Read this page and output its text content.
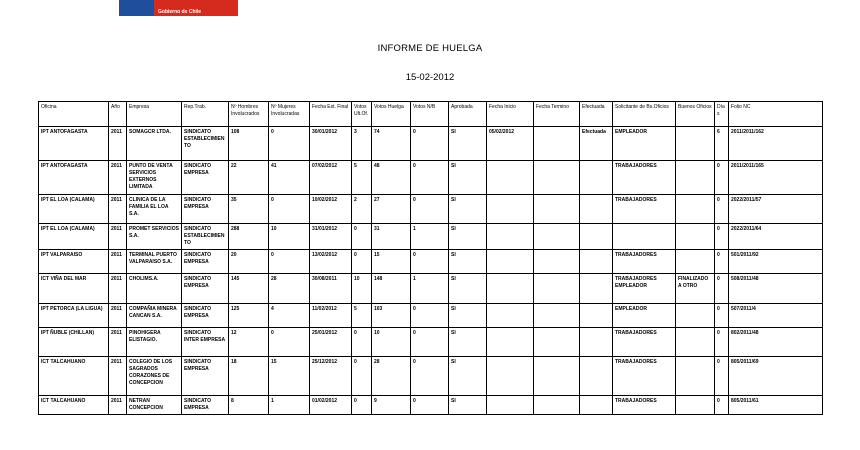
Gobierno de Chile
INFORME DE HUELGA
15-02-2012
Oficina	Año	Empresa	Rep.Trab.	Nº Hombres Involucrados	Nº Mujeres Involucradas	Fecha Est. Final	Votos Ult.Of.	Votos Huelga	Votos N/B	Aprobada	Fecha Inicio	Fecha Termino	Efectuada	Solicitante de Bs.Oficios	Buenos Oficios	Días	Folio NC
IPT ANTOFAGASTA	2011	SOMAGCR LTDA.	SINDICATO ESTABLECIMIENTO	108	0	30/01/2012	3	74	0	SI	05/02/2012		Efectuada	EMPLEADOR		6	2011/2011/162
IPT ANTOFAGASTA	2011	PUNTO DE VENTA SERVICIOS EXTERNOS LIMITADA	SINDICATO EMPRESA	22	41	07/02/2012	5	48	0	SI				TRABAJADORES		0	2011/2011/165
IPT EL LOA (CALAMA)	2011	CLINICA DE LA FAMILIA EL LOA S.A.	SINDICATO EMPRESA	35	0	10/02/2012	2	27	0	SI				TRABAJADORES		0	2022/2011/57
IPT EL LOA (CALAMA)	2011	PROMET SERVICIOS S.A.	SINDICATO ESTABLECIMIENTO	288	10	31/01/2012	0	31	1	SI						0	2022/2011/64
IPT VALPARAISO	2011	TERMINAL PUERTO VALPARAISO S.A.	SINDICATO EMPRESA	20	0	13/02/2012	0	15	0	SI				TRABAJADORES		0	501/2011/92
ICT VIÑA DEL MAR	2011	CHOLIMS.A.	SINDICATO EMPRESA	145	28	30/08/2011	10	148	1	SI				TRABAJADORES EMPLEADOR	FINALIZADO A OTRO	0	508/2011/48
IPT PETORCA (LA LIGUA)	2011	COMPAÑIA MINERA CANCAN S.A.	SINDICATO EMPRESA	125	4	11/02/2012	5	103	0	SI				EMPLEADOR		0	507/2011/4
IPT ÑUBLE (CHILLAN)	2011	PINOHIGERA ELISTAGIO.	SINDICATO INTER EMPRESA	12	0	25/01/2012	0	10	0	SI				TRABAJADORES		0	802/2011/48
ICT TALCAHUANO	2011	COLEGIO DE LOS SAGRADOS CORAZONES DE CONCEPCION	SINDICATO EMPRESA	18	15	25/12/2012	0	28	0	SI				TRABAJADORES		0	805/2011/69
ICT TALCAHUANO	2011	NETRAN CONCEPCION	SINDICATO EMPRESA	8	1	01/02/2012	0	9	0	SI				TRABAJADORES		0	805/2011/61
